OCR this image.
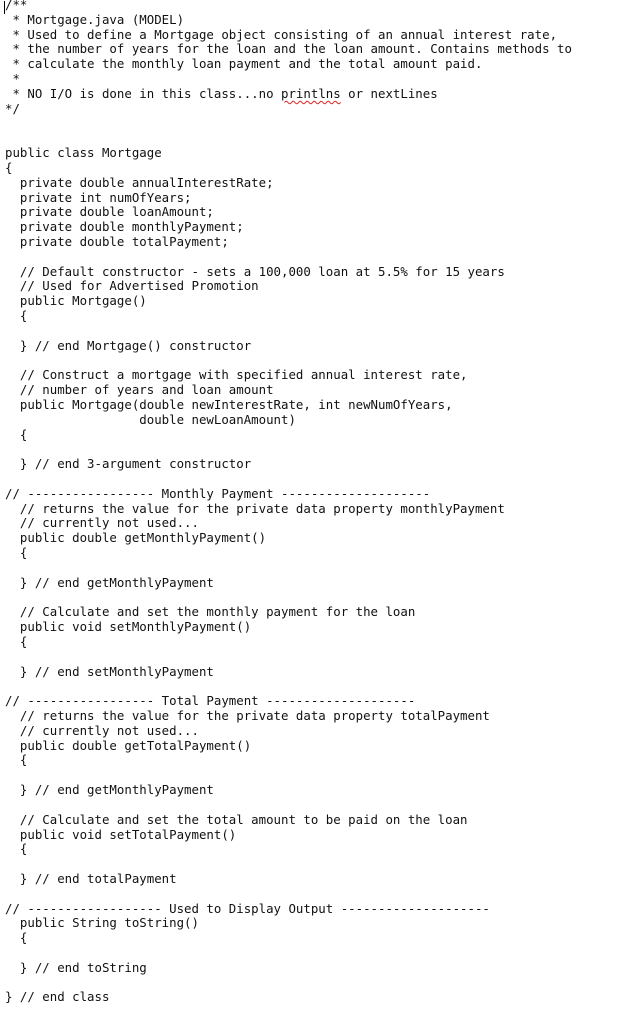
/**
* Mortgage.java (MODEL)
* Used to define a Mortgage object consisting of an annual interest rate,
* the number of years for the loan and the loan amount. Contains methods to
* calculate the monthly loan payment and the total amount paid.
*
* NO I/O is done in this class...no printlns or nextLines
*/
public class Mortgage
{
private double annualInterestRate;
private int numOfYears;
private double loanAmount;
private double monthlyPayment;
private double totalPayment;
// Default constructor - sets a 100,000 loan at 5.5% for 15 years
// Used for Advertised Promotion
public Mortgage()
{
} // end Mortgage() constructor
// Construct a mortgage with specified annual interest rate,
// number of years and loan amount
public Mortgage(double newInterestRate, int newNumOfYears,
double newLoanAmount)
{
} // end 3-argument constructor
// ----------------- Monthly Payment --------------------
// returns the value for the private data property monthlyPayment
// currently not used...
public double getMonthlyPayment()
{
} // end getMonthlyPayment
// Calculate and set the monthly payment for the loan
public void setMonthlyPayment()
{
} // end setMonthlyPayment
// ----------------- Total Payment --------------------
// returns the value for the private data property totalPayment
// currently not used...
public double getTotalPayment()
{
} // end getMonthlyPayment
// Calculate and set the total amount to be paid on the loan
public void setTotalPayment()
{
} // end totalPayment
// ------------------ Used to Display Output --------------------
public String toString()
{
} // end toString
} // end class
